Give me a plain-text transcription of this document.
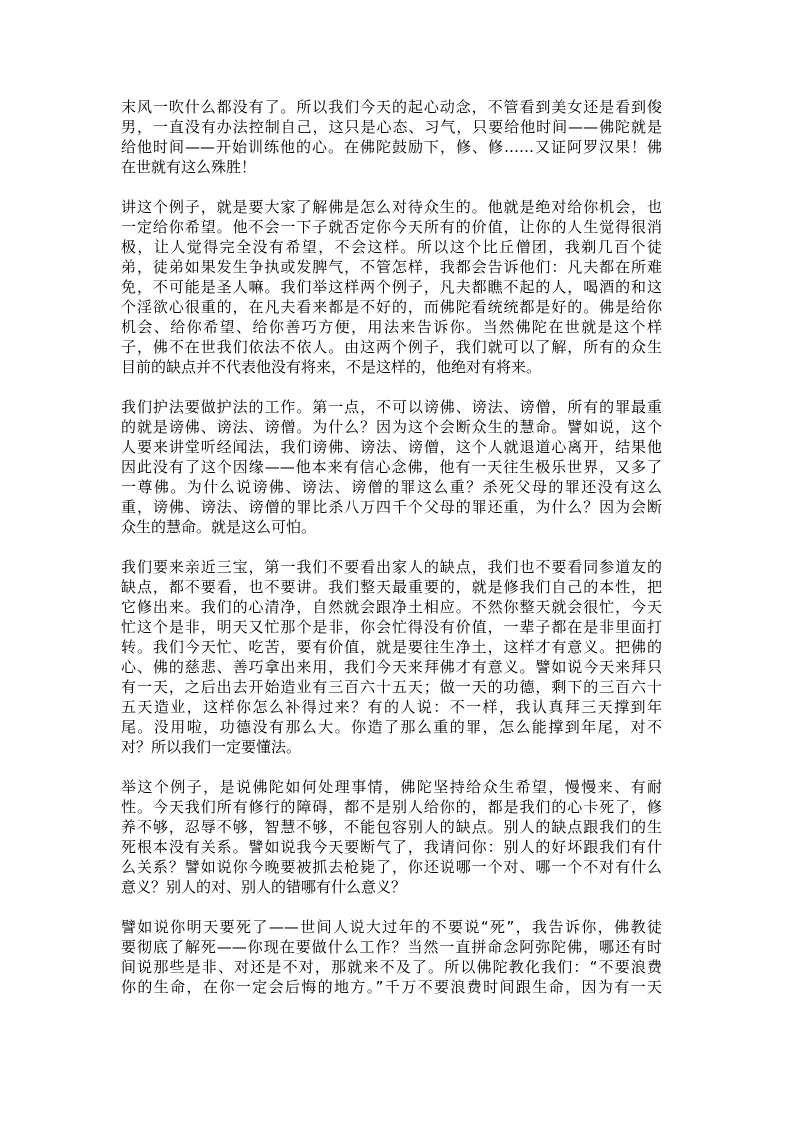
末风一吹什么都没有了。所以我们今天的起心动念，不管看到美女还是看到俊
男，一直没有办法控制自己，这只是心态、习气，只要给他时间——佛陀就是
给他时间——开始训练他的心。在佛陀鼓励下，修、修……又证阿罗汉果！佛
在世就有这么殊胜！
讲这个例子，就是要大家了解佛是怎么对待众生的。他就是绝对给你机会，也
一定给你希望。他不会一下子就否定你今天所有的价值，让你的人生觉得很消
极，让人觉得完全没有希望，不会这样。所以这个比丘僧团，我剃几百个徒
弟，徒弟如果发生争执或发脾气，不管怎样，我都会告诉他们：凡夫都在所难
免，不可能是圣人嘛。我们举这样两个例子，凡夫都瞧不起的人，喝酒的和这
个淫欲心很重的，在凡夫看来都是不好的，而佛陀看统统都是好的。佛是给你
机会、给你希望、给你善巧方便，用法来告诉你。当然佛陀在世就是这个样
子，佛不在世我们依法不依人。由这两个例子，我们就可以了解，所有的众生
目前的缺点并不代表他没有将来，不是这样的，他绝对有将来。
我们护法要做护法的工作。第一点，不可以谤佛、谤法、谤僧，所有的罪最重
的就是谤佛、谤法、谤僧。为什么？因为这个会断众生的慧命。譬如说，这个
人要来讲堂听经闻法，我们谤佛、谤法、谤僧，这个人就退道心离开，结果他
因此没有了这个因缘——他本来有信心念佛，他有一天往生极乐世界，又多了
一尊佛。为什么说谤佛、谤法、谤僧的罪这么重？杀死父母的罪还没有这么
重，谤佛、谤法、谤僧的罪比杀八万四千个父母的罪还重，为什么？因为会断
众生的慧命。就是这么可怕。
我们要来亲近三宝，第一我们不要看出家人的缺点，我们也不要看同参道友的
缺点，都不要看，也不要讲。我们整天最重要的，就是修我们自己的本性，把
它修出来。我们的心清净，自然就会跟净土相应。不然你整天就会很忙，今天
忙这个是非，明天又忙那个是非，你会忙得没有价值，一辈子都在是非里面打
转。我们今天忙、吃苦，要有价值，就是要往生净土，这样才有意义。把佛的
心、佛的慈悲、善巧拿出来用，我们今天来拜佛才有意义。譬如说今天来拜只
有一天，之后出去开始造业有三百六十五天；做一天的功德，剩下的三百六十
五天造业，这样你怎么补得过来？有的人说：不一样，我认真拜三天撑到年
尾。没用啦，功德没有那么大。你造了那么重的罪，怎么能撑到年尾，对不
对？所以我们一定要懂法。
举这个例子，是说佛陀如何处理事情，佛陀坚持给众生希望，慢慢来、有耐
性。今天我们所有修行的障碍，都不是别人给你的，都是我们的心卡死了，修
养不够，忍辱不够，智慧不够，不能包容别人的缺点。别人的缺点跟我们的生
死根本没有关系。譬如说我今天要断气了，我请问你：别人的好坏跟我们有什
么关系？譬如说你今晚要被抓去枪毙了，你还说哪一个对、哪一个不对有什么
意义？别人的对、别人的错哪有什么意义？
譬如说你明天要死了——世间人说大过年的不要说“死”，我告诉你，佛教徒
要彻底了解死——你现在要做什么工作？当然一直拼命念阿弥陀佛，哪还有时
间说那些是非、对还是不对，那就来不及了。所以佛陀教化我们：“不要浪费
你的生命，在你一定会后悔的地方。”千万不要浪费时间跟生命，因为有一天
